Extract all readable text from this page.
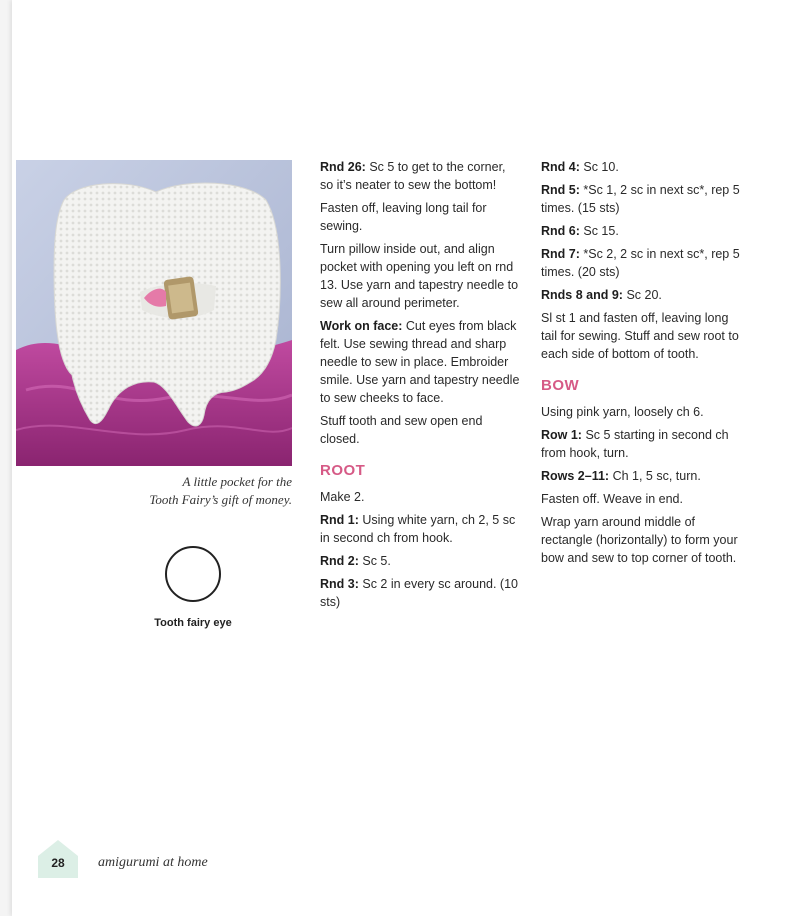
A little pocket for the
Tooth Fairy’s gift of money.
Tooth fairy eye

Rnd 26: Sc 5 to get to the corner, so it’s neater to sew the bottom!

Fasten off, leaving long tail for sewing.

Turn pillow inside out, and align pocket with opening you left on rnd 13. Use yarn and tapestry needle to sew all around perimeter.

Work on face: Cut eyes from black felt. Use sewing thread and sharp needle to sew in place. Embroider smile. Use yarn and tapestry needle to sew cheeks to face.

Stuff tooth and sew open end closed.

ROOT

Make 2.

Rnd 1: Using white yarn, ch 2, 5 sc in second ch from hook.

Rnd 2: Sc 5.

Rnd 3: Sc 2 in every sc around. (10 sts)

Rnd 4: Sc 10.

Rnd 5: *Sc 1, 2 sc in next sc*, rep 5 times. (15 sts)

Rnd 6: Sc 15.

Rnd 7: *Sc 2, 2 sc in next sc*, rep 5 times. (20 sts)

Rnds 8 and 9: Sc 20.

Sl st 1 and fasten off, leaving long tail for sewing. Stuff and sew root to each side of bottom of tooth.

BOW

Using pink yarn, loosely ch 6.

Row 1: Sc 5 starting in second ch from hook, turn.

Rows 2–11: Ch 1, 5 sc, turn.

Fasten off. Weave in end.

Wrap yarn around middle of rectangle (horizontally) to form your bow and sew to top corner of tooth.

28	amigurumi at home
